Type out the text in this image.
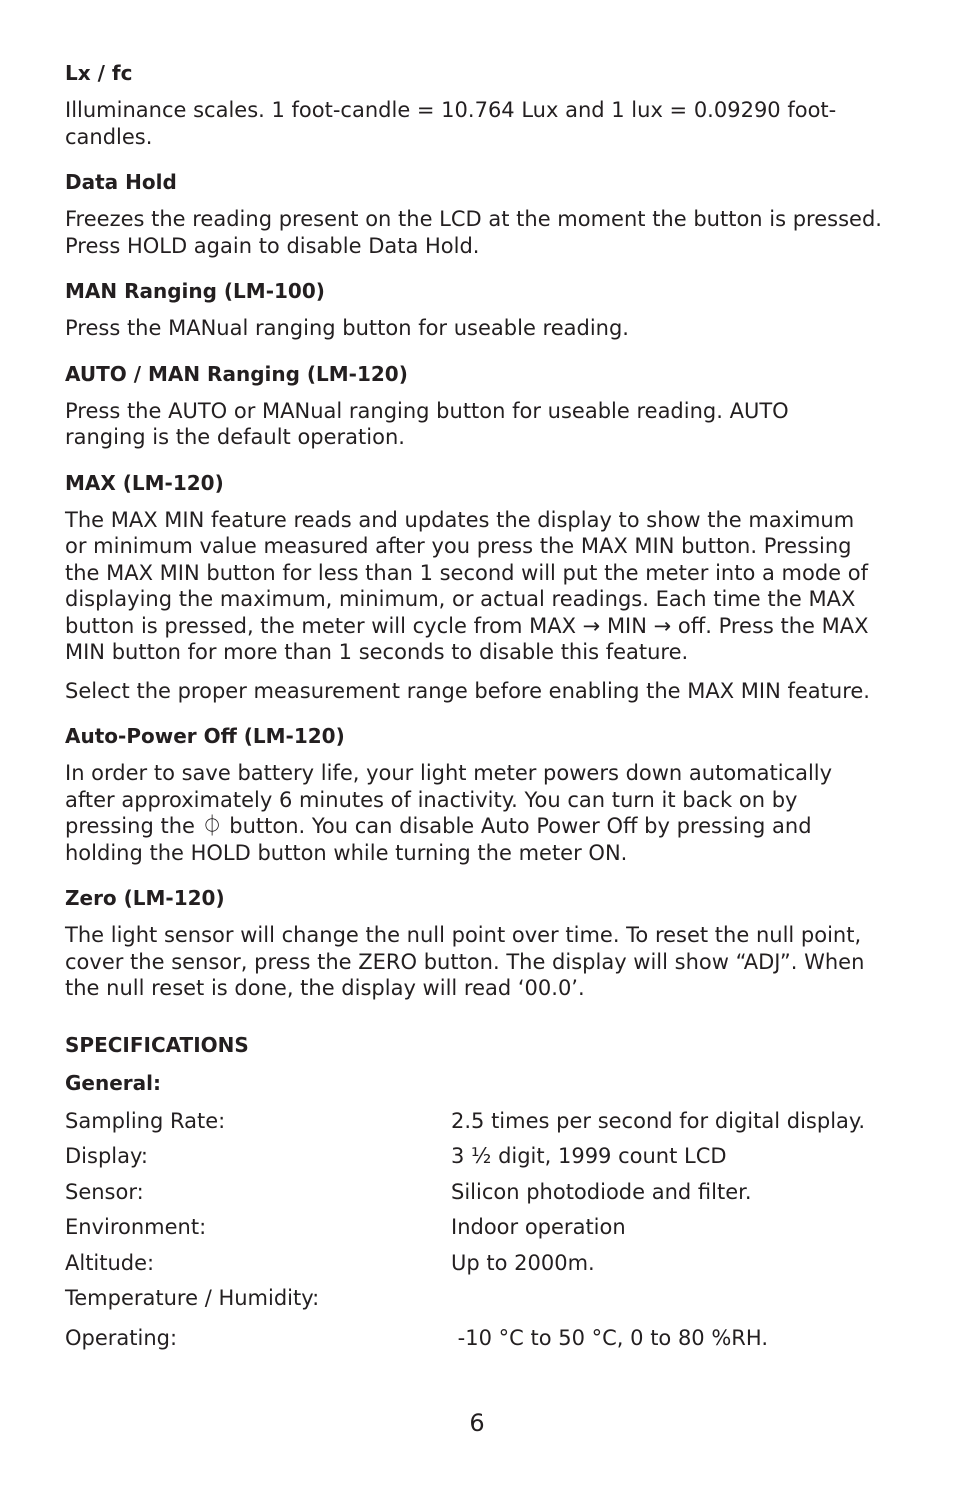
Lx / fc
Illuminance scales. 1 foot-candle = 10.764 Lux and 1 lux = 0.09290 foot-
candles.
Data Hold
Freezes the reading present on the LCD at the moment the button is pressed.
Press HOLD again to disable Data Hold.
MAN Ranging (LM-100)
Press the MANual ranging button for useable reading.
AUTO / MAN Ranging (LM-120)
Press the AUTO or MANual ranging button for useable reading. AUTO
ranging is the default operation.
MAX (LM-120)
The MAX MIN feature reads and updates the display to show the maximum
or minimum value measured after you press the MAX MIN button. Pressing
the MAX MIN button for less than 1 second will put the meter into a mode of
displaying the maximum, minimum, or actual readings. Each time the MAX
button is pressed, the meter will cycle from MAX → MIN → off. Press the MAX
MIN button for more than 1 seconds to disable this feature.
Select the proper measurement range before enabling the MAX MIN feature.
Auto-Power Off (LM-120)
In order to save battery life, your light meter powers down automatically
after approximately 6 minutes of inactivity. You can turn it back on by
pressing the ⏀ button. You can disable Auto Power Off by pressing and
holding the HOLD button while turning the meter ON.
Zero (LM-120)
The light sensor will change the null point over time. To reset the null point,
cover the sensor, press the ZERO button. The display will show “ADJ”. When
the null reset is done, the display will read ‘00.0’.
SPECIFICATIONS
General:
Sampling Rate:	2.5 times per second for digital display.
Display:	3 ½ digit, 1999 count LCD
Sensor:	Silicon photodiode and filter.
Environment:	Indoor operation
Altitude:	Up to 2000m.
Temperature / Humidity:
Operating:	-10 °C to 50 °C, 0 to 80 %RH.
6
